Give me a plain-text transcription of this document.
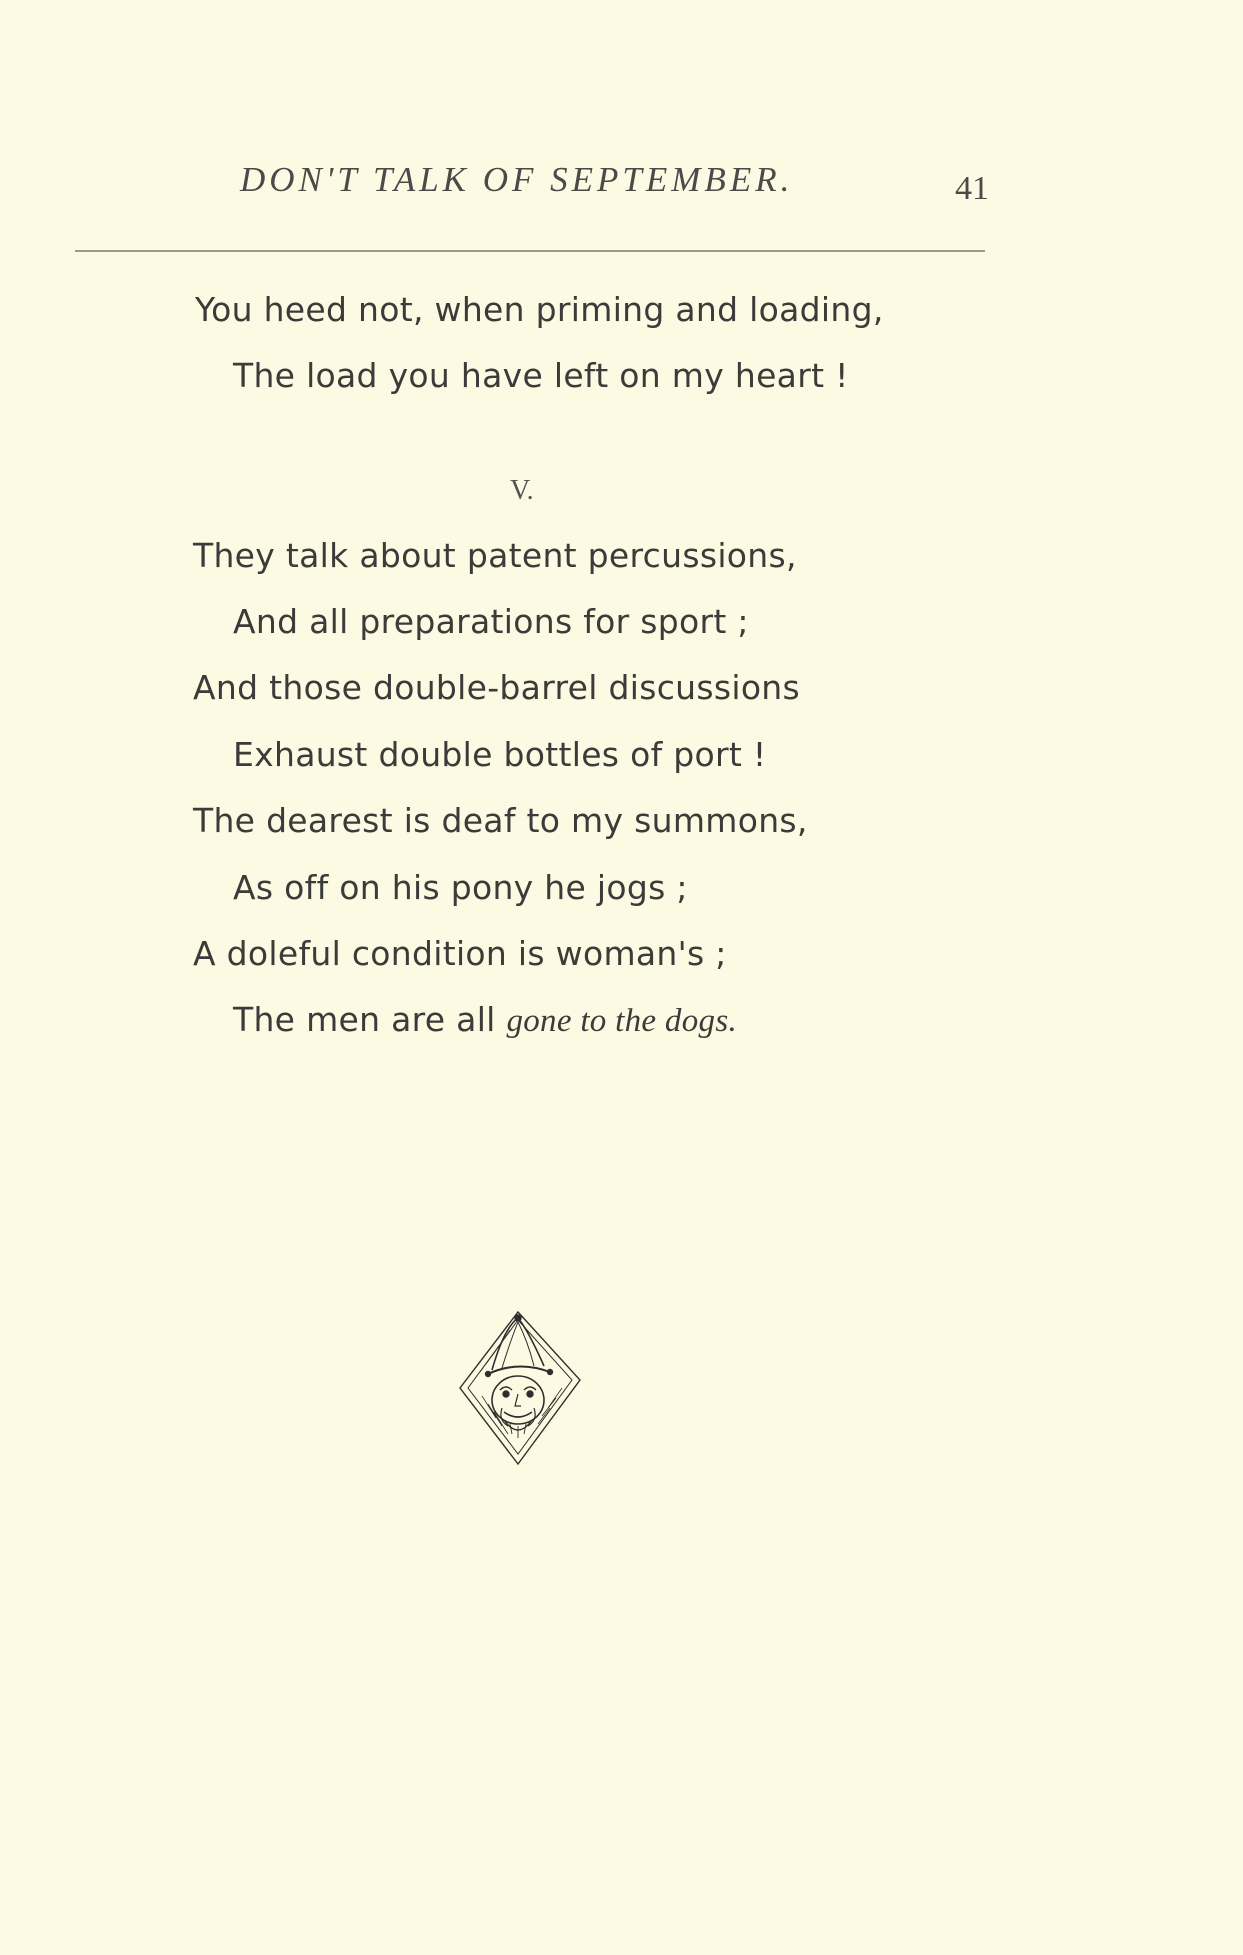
DON'T TALK OF SEPTEMBER.	41
You heed not, when priming and loading,
The load you have left on my heart !
V.
They talk about patent percussions,
And all preparations for sport ;
And those double-barrel discussions
Exhaust double bottles of port !
The dearest is deaf to my summons,
As off on his pony he jogs ;
A doleful condition is woman's ;
The men are all gone to the dogs.
